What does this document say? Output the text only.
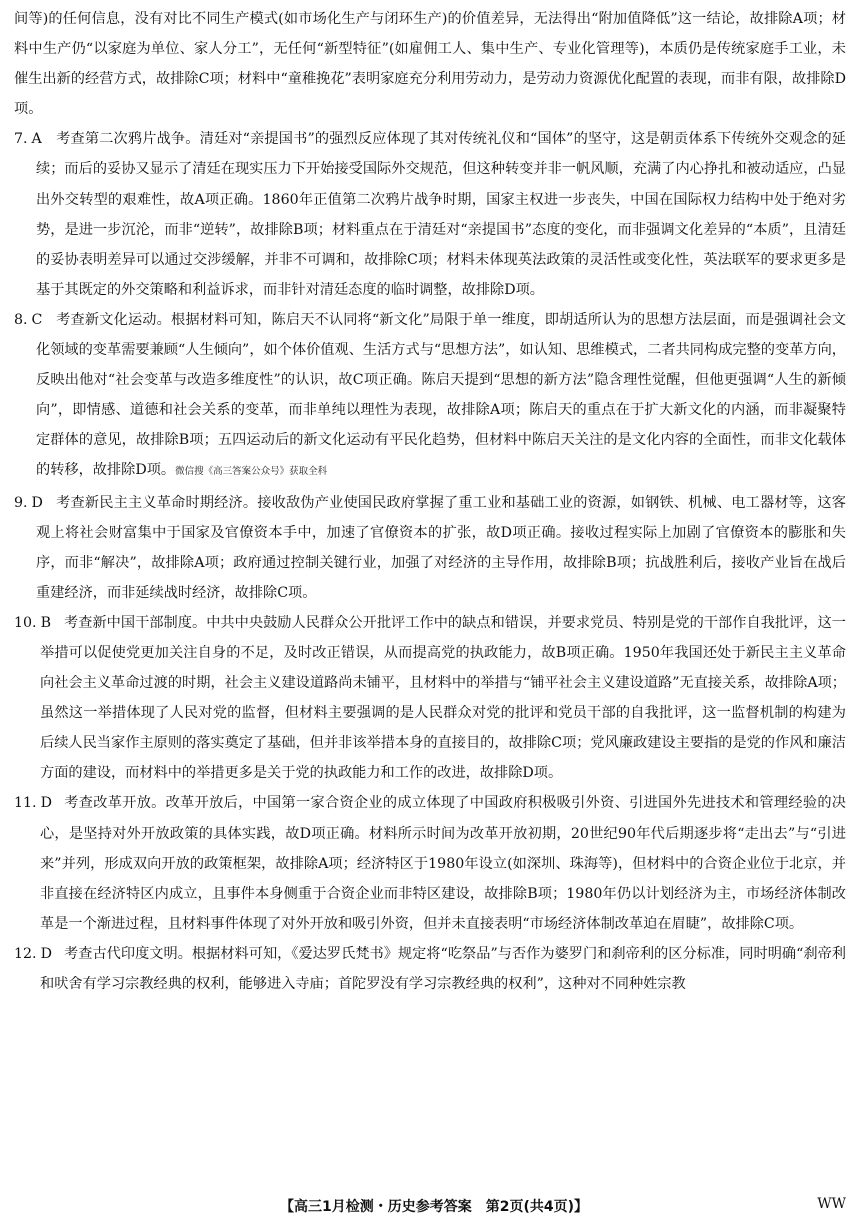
间等)的任何信息，没有对比不同生产模式(如市场化生产与闭环生产)的价值差异，无法得出“附加值降低”这一结论，故排除A项；材料中生产仍“以家庭为单位、家人分工”，无任何“新型特征”(如雇佣工人、集中生产、专业化管理等)，本质仍是传统家庭手工业，未催生出新的经营方式，故排除C项；材料中“童稚挽花”表明家庭充分利用劳动力，是劳动力资源优化配置的表现，而非有限，故排除D项。

7. A 考查第二次鸦片战争。清廷对“亲提国书”的强烈反应体现了其对传统礼仪和“国体”的坚守，这是朝贡体系下传统外交观念的延续；而后的妥协又显示了清廷在现实压力下开始接受国际外交规范，但这种转变并非一帆风顺，充满了内心挣扎和被动适应，凸显出外交转型的艰难性，故A项正确。1860年正值第二次鸦片战争时期，国家主权进一步丧失，中国在国际权力结构中处于绝对劣势，是进一步沉沦，而非“逆转”，故排除B项；材料重点在于清廷对“亲提国书”态度的变化，而非强调文化差异的“本质”，且清廷的妥协表明差异可以通过交涉缓解，并非不可调和，故排除C项；材料未体现英法政策的灵活性或变化性，英法联军的要求更多是基于其既定的外交策略和利益诉求，而非针对清廷态度的临时调整，故排除D项。
8. C 考查新文化运动。根据材料可知，陈启天不认同将“新文化”局限于单一维度，即胡适所认为的思想方法层面，而是强调社会文化领域的变革需要兼顾“人生倾向”，如个体价值观、生活方式与“思想方法”，如认知、思维模式，二者共同构成完整的变革方向，反映出他对“社会变革与改造多维度性”的认识，故C项正确。陈启天提到“思想的新方法”隐含理性觉醒，但他更强调“人生的新倾向”，即情感、道德和社会关系的变革，而非单纯以理性为表现，故排除A项；陈启天的重点在于扩大新文化的内涵，而非凝聚特定群体的意见，故排除B项；五四运动后的新文化运动有平民化趋势，但材料中陈启天关注的是文化内容的全面性，而非文化载体的转移，故排除D项。微信搜《高三答案公众号》获取全科
9. D 考查新民主主义革命时期经济。接收敌伪产业使国民政府掌握了重工业和基础工业的资源，如钢铁、机械、电工器材等，这客观上将社会财富集中于国家及官僚资本手中，加速了官僚资本的扩张，故D项正确。接收过程实际上加剧了官僚资本的膨胀和失序，而非“解决”，故排除A项；政府通过控制关键行业，加强了对经济的主导作用，故排除B项；抗战胜利后，接收产业旨在战后重建经济，而非延续战时经济，故排除C项。
10. B 考查新中国干部制度。中共中央鼓励人民群众公开批评工作中的缺点和错误，并要求党员、特别是党的干部作自我批评，这一举措可以促使党更加关注自身的不足，及时改正错误，从而提高党的执政能力，故B项正确。1950年我国还处于新民主主义革命向社会主义革命过渡的时期，社会主义建设道路尚未铺平，且材料中的举措与“铺平社会主义建设道路”无直接关系，故排除A项；虽然这一举措体现了人民对党的监督，但材料主要强调的是人民群众对党的批评和党员干部的自我批评，这一监督机制的构建为后续人民当家作主原则的落实奠定了基础，但并非该举措本身的直接目的，故排除C项；党风廉政建设主要指的是党的作风和廉洁方面的建设，而材料中的举措更多是关于党的执政能力和工作的改进，故排除D项。
11. D 考查改革开放。改革开放后，中国第一家合资企业的成立体现了中国政府积极吸引外资、引进国外先进技术和管理经验的决心，是坚持对外开放政策的具体实践，故D项正确。材料所示时间为改革开放初期，20世纪90年代后期逐步将“走出去”与“引进来”并列，形成双向开放的政策框架，故排除A项；经济特区于1980年设立(如深圳、珠海等)，但材料中的合资企业位于北京，并非直接在经济特区内成立，且事件本身侧重于合资企业而非特区建设，故排除B项；1980年仍以计划经济为主，市场经济体制改革是一个渐进过程，且材料事件体现了对外开放和吸引外资，但并未直接表明“市场经济体制改革迫在眉睫”，故排除C项。
12. D 考查古代印度文明。根据材料可知，《爱达罗氏梵书》规定将“吃祭品”与否作为婆罗门和刹帝利的区分标准，同时明确“刹帝利和吠舍有学习宗教经典的权利，能够进入寺庙；首陀罗没有学习宗教经典的权利”，这种对不同种姓宗教
【高三1月检测・历史参考答案　第2页(共4页)】	WW
